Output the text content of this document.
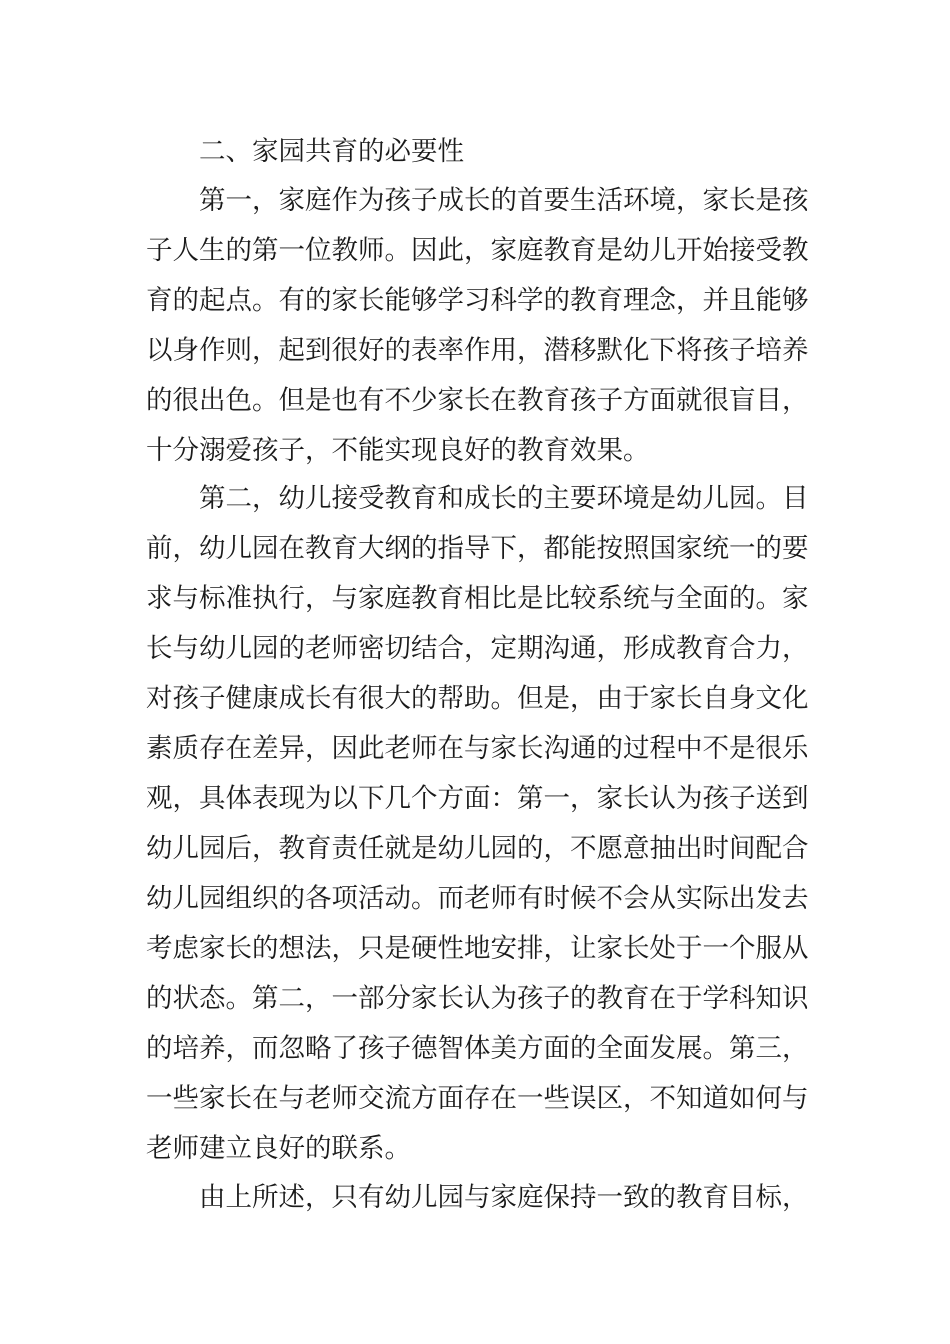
二、家园共育的必要性
第一，家庭作为孩子成长的首要生活环境，家长是孩
子人生的第一位教师。因此，家庭教育是幼儿开始接受教
育的起点。有的家长能够学习科学的教育理念，并且能够
以身作则，起到很好的表率作用，潜移默化下将孩子培养
的很出色。但是也有不少家长在教育孩子方面就很盲目，
十分溺爱孩子，不能实现良好的教育效果。
第二，幼儿接受教育和成长的主要环境是幼儿园。目
前，幼儿园在教育大纲的指导下，都能按照国家统一的要
求与标准执行，与家庭教育相比是比较系统与全面的。家
长与幼儿园的老师密切结合，定期沟通，形成教育合力，
对孩子健康成长有很大的帮助。但是，由于家长自身文化
素质存在差异，因此老师在与家长沟通的过程中不是很乐
观，具体表现为以下几个方面：第一，家长认为孩子送到
幼儿园后，教育责任就是幼儿园的，不愿意抽出时间配合
幼儿园组织的各项活动。而老师有时候不会从实际出发去
考虑家长的想法，只是硬性地安排，让家长处于一个服从
的状态。第二，一部分家长认为孩子的教育在于学科知识
的培养，而忽略了孩子德智体美方面的全面发展。第三，
一些家长在与老师交流方面存在一些误区，不知道如何与
老师建立良好的联系。
由上所述，只有幼儿园与家庭保持一致的教育目标，
